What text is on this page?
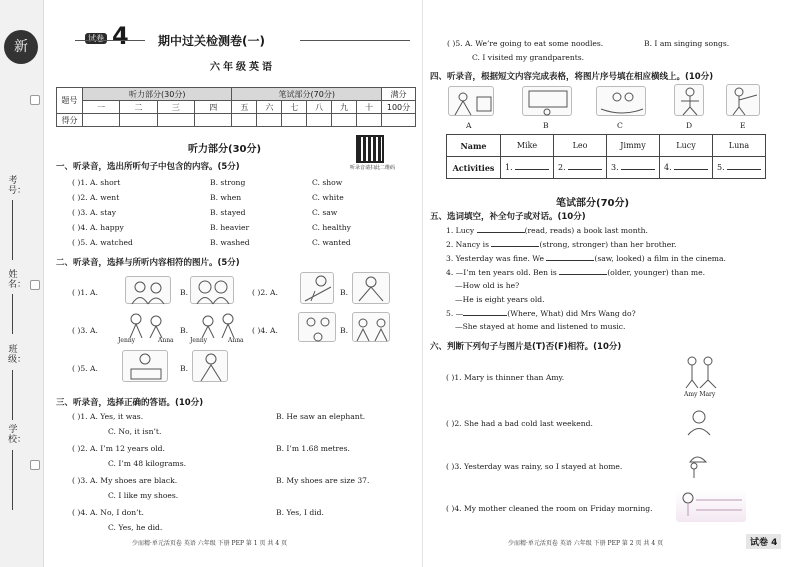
新
考号：
姓名：
班级：
学校：
试卷 4 期中过关检测卷(一)
六年级英语
题号	听力部分(30分)				笔试部分(70分)						满分
	一	二	三	四	五	六	七	八	九	十	100分
得分											
听力部分(30分)
听录音请扫此二维码
一、听录音，选出所听句子中包含的内容。(5分)
( )1. A. short	B. strong	C. show
( )2. A. went	B. when	C. white
( )3. A. stay	B. stayed	C. saw
( )4. A. happy	B. heavier	C. healthy
( )5. A. watched	B. washed	C. wanted
二、听录音，选择与所听内容相符的图片。(5分)
( )1. A.	B.	( )2. A.	B.
( )3. A.
Jenny	Anna
B.
Jenny	Anna
( )4. A.	B.
( )5. A.	B.
三、听录音，选择正确的答语。(10分)
( )1. A. Yes, it was.	B. He saw an elephant.
C. No, it isn’t.
( )2. A. I’m 12 years old.	B. I’m 1.68 metres.
C. I’m 48 kilograms.
( )3. A. My shoes are black.	B. My shoes are size 37.
C. I like my shoes.
( )4. A. No, I don’t.	B. Yes, I did.
C. Yes, he did.
少而精·单元活页卷 英语 六年级 下册 PEP 第 1 页 共 4 页
( )5. A. We’re going to eat some noodles.	B. I am singing songs.
C. I visited my grandparents.
四、听录音，根据短文内容完成表格，将图片序号填在相应横线上。(10分)
A	B	C	D	E
Name	Mike	Leo	Jimmy	Lucy	Luna
Activities	1.	2.	3.	4.	5.
笔试部分(70分)
五、选词填空，补全句子或对话。(10分)
1. Lucy	(read, reads) a book last month.
2. Nancy is	(strong, stronger) than her brother.
3. Yesterday was fine. We	(saw, looked) a film in the cinema.
4. —I’m ten years old. Ben is	(older, younger) than me.
—How old is he?
—He is eight years old.
5. —	(Where, What) did Mrs Wang do?
—She stayed at home and listened to music.
六、判断下列句子与图片是(T)否(F)相符。(10分)
( )1. Mary is thinner than Amy.
Amy Mary
( )2. She had a bad cold last weekend.
( )3. Yesterday was rainy, so I stayed at home.
( )4. My mother cleaned the room on Friday morning.
少而精·单元活页卷 英语 六年级 下册 PEP 第 2 页 共 4 页	试卷 4
